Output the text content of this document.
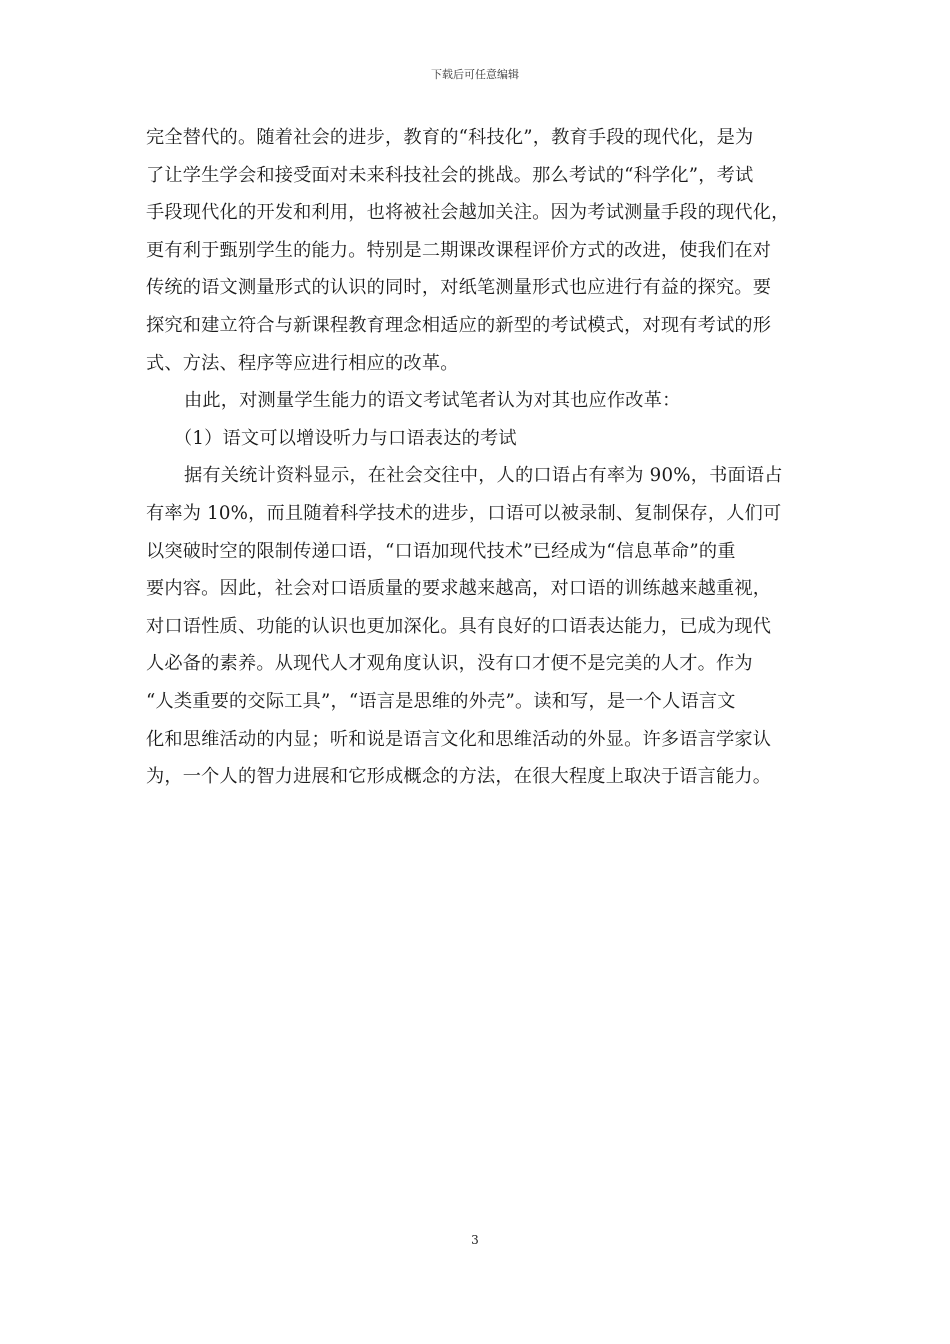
下载后可任意编辑
完全替代的。随着社会的进步，教育的“科技化”，教育手段的现代化，是为
了让学生学会和接受面对未来科技社会的挑战。那么考试的“科学化”，考试
手段现代化的开发和利用，也将被社会越加关注。因为考试测量手段的现代化，
更有利于甄别学生的能力。特别是二期课改课程评价方式的改进，使我们在对
传统的语文测量形式的认识的同时，对纸笔测量形式也应进行有益的探究。要
探究和建立符合与新课程教育理念相适应的新型的考试模式，对现有考试的形
式、方法、程序等应进行相应的改革。
由此，对测量学生能力的语文考试笔者认为对其也应作改革：
（1）语文可以增设听力与口语表达的考试
据有关统计资料显示，在社会交往中，人的口语占有率为 90%，书面语占
有率为 10%，而且随着科学技术的进步，口语可以被录制、复制保存，人们可
以突破时空的限制传递口语，“口语加现代技术”已经成为“信息革命”的重
要内容。因此，社会对口语质量的要求越来越高，对口语的训练越来越重视，
对口语性质、功能的认识也更加深化。具有良好的口语表达能力，已成为现代
人必备的素养。从现代人才观角度认识，没有口才便不是完美的人才。作为
“人类重要的交际工具”，“语言是思维的外壳”。读和写，是一个人语言文
化和思维活动的内显；听和说是语言文化和思维活动的外显。许多语言学家认
为，一个人的智力进展和它形成概念的方法，在很大程度上取决于语言能力。
3
